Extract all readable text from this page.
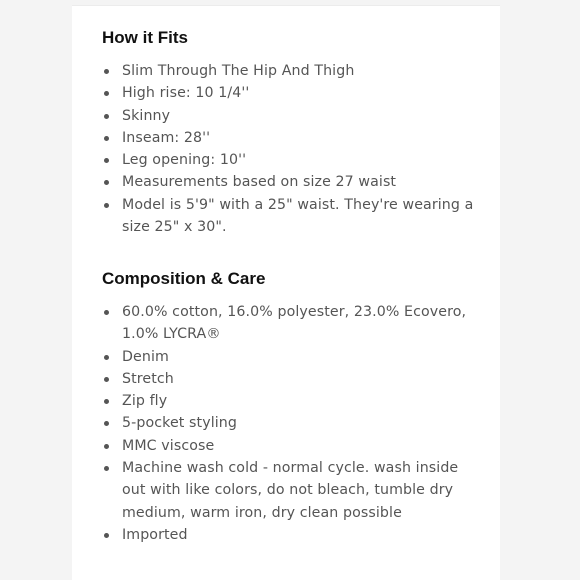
How it Fits
Slim Through The Hip And Thigh
High rise: 10 1/4''
Skinny
Inseam: 28''
Leg opening: 10''
Measurements based on size 27 waist
Model is 5'9" with a 25" waist. They're wearing a size 25" x 30".
Composition & Care
60.0% cotton, 16.0% polyester, 23.0% Ecovero, 1.0% LYCRA®
Denim
Stretch
Zip fly
5-pocket styling
MMC viscose
Machine wash cold - normal cycle. wash inside out with like colors, do not bleach, tumble dry medium, warm iron, dry clean possible
Imported
